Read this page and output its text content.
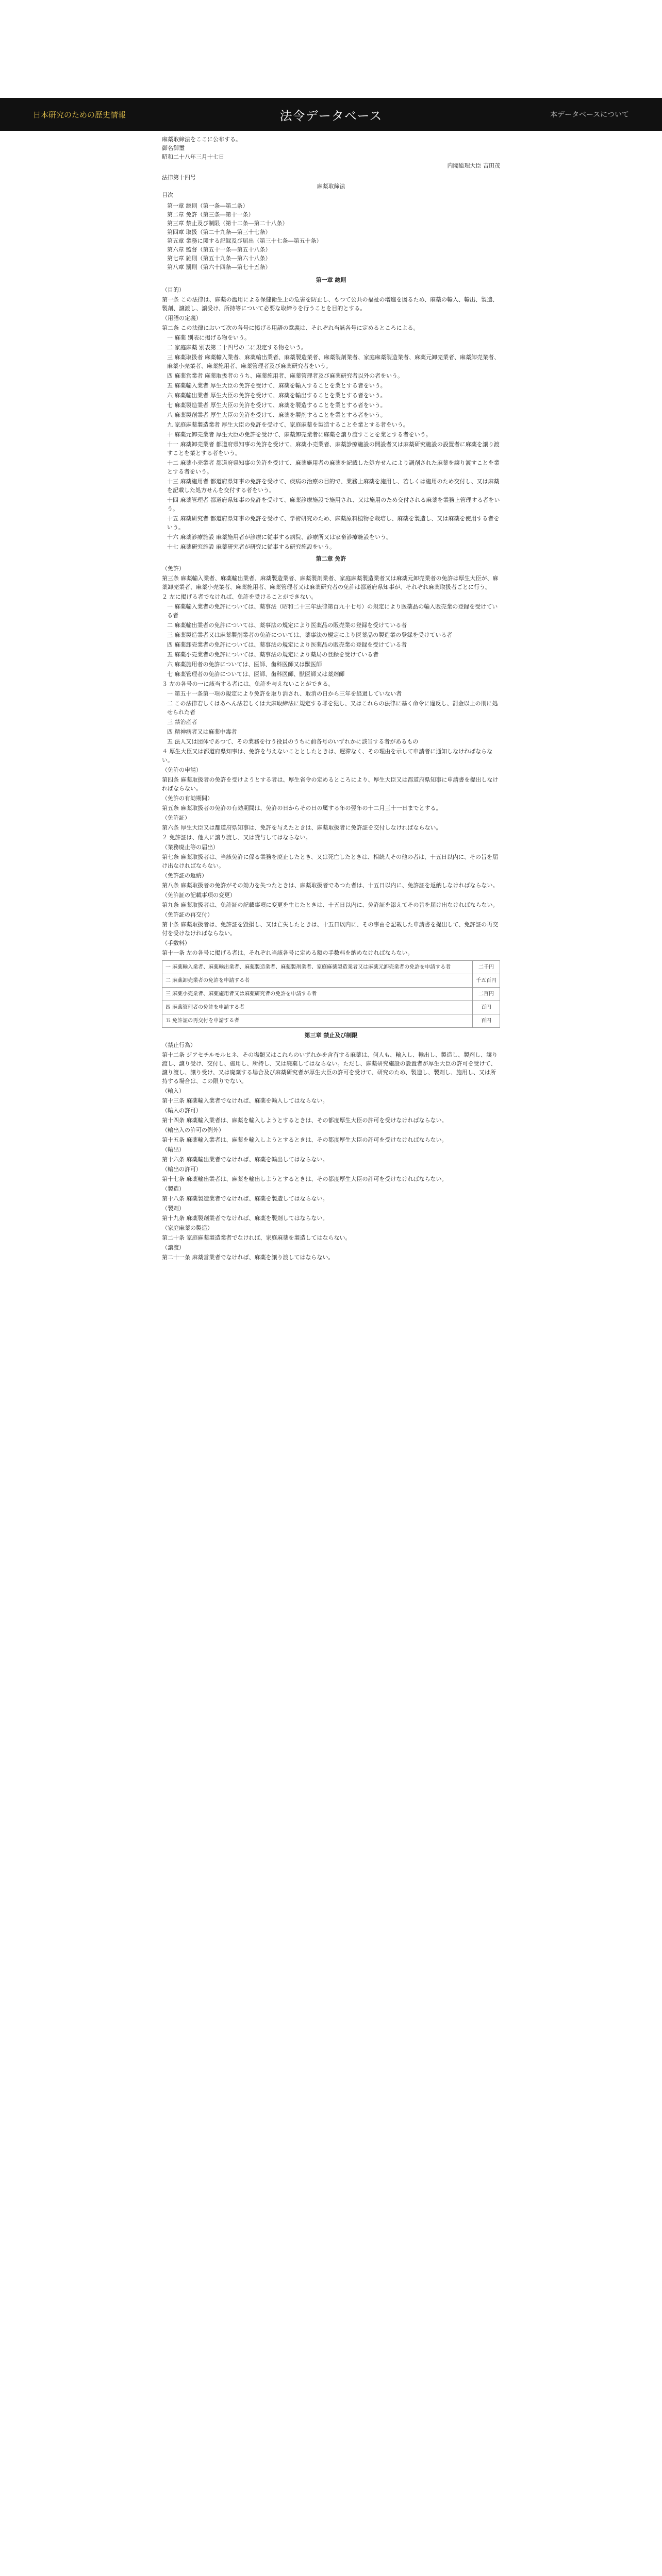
日本研究のための歴史情報	法令データベース	本データベースについて
麻薬取締法をここに公布する。
御名御璽
昭和二十八年三月十七日
内閣総理大臣 吉田茂
法律第十四号
麻薬取締法
目次
第一章 総則（第一条―第二条）
第二章 免許（第三条―第十一条）
第三章 禁止及び制限（第十二条―第二十八条）
第四章 取扱（第二十九条―第三十七条）
第五章 業務に関する記録及び届出（第三十七条―第五十条）
第六章 監督（第五十一条―第五十八条）
第七章 雑則（第五十九条―第六十八条）
第八章 罰則（第六十四条―第七十五条）
第一章 総則
（目的）
第一条 この法律は、麻薬の濫用による保健衛生上の危害を防止し、もつて公共の福祉の増進を図るため、麻薬の輸入、輸出、製造、製剤、譲渡し、譲受け、所持等について必要な取締りを行うことを目的とする。
（用語の定義）
第二条 この法律において次の各号に掲げる用語の意義は、それぞれ当該各号に定めるところによる。
一 麻薬 別表に掲げる物をいう。
二 家庭麻薬 別表第二十四号の二に規定する物をいう。
三 麻薬取扱者 麻薬輸入業者、麻薬輸出業者、麻薬製造業者、麻薬製剤業者、家庭麻薬製造業者、麻薬元卸売業者、麻薬卸売業者、麻薬小売業者、麻薬施用者、麻薬管理者及び麻薬研究者をいう。
四 麻薬営業者 麻薬取扱者のうち、麻薬施用者、麻薬管理者及び麻薬研究者以外の者をいう。
五 麻薬輸入業者 厚生大臣の免許を受けて、麻薬を輸入することを業とする者をいう。
六 麻薬輸出業者 厚生大臣の免許を受けて、麻薬を輸出することを業とする者をいう。
七 麻薬製造業者 厚生大臣の免許を受けて、麻薬を製造することを業とする者をいう。
八 麻薬製剤業者 厚生大臣の免許を受けて、麻薬を製剤することを業とする者をいう。
九 家庭麻薬製造業者 厚生大臣の免許を受けて、家庭麻薬を製造することを業とする者をいう。
十 麻薬元卸売業者 厚生大臣の免許を受けて、麻薬卸売業者に麻薬を譲り渡すことを業とする者をいう。
十一 麻薬卸売業者 都道府県知事の免許を受けて、麻薬小売業者、麻薬診療施設の開設者又は麻薬研究施設の設置者に麻薬を譲り渡すことを業とする者をいう。
十二 麻薬小売業者 都道府県知事の免許を受けて、麻薬施用者の麻薬を記載した処方せんにより調剤された麻薬を譲り渡すことを業とする者をいう。
十三 麻薬施用者 都道府県知事の免許を受けて、疾病の治療の目的で、業務上麻薬を施用し、若しくは施用のため交付し、又は麻薬を記載した処方せんを交付する者をいう。
十四 麻薬管理者 都道府県知事の免許を受けて、麻薬診療施設で施用され、又は施用のため交付される麻薬を業務上管理する者をいう。
十五 麻薬研究者 都道府県知事の免許を受けて、学術研究のため、麻薬原料植物を栽培し、麻薬を製造し、又は麻薬を使用する者をいう。
十六 麻薬診療施設 麻薬施用者が診療に従事する病院、診療所又は家畜診療施設をいう。
十七 麻薬研究施設 麻薬研究者が研究に従事する研究施設をいう。
第二章 免許
（免許）
第三条 麻薬輸入業者、麻薬輸出業者、麻薬製造業者、麻薬製剤業者、家庭麻薬製造業者又は麻薬元卸売業者の免許は厚生大臣が、麻薬卸売業者、麻薬小売業者、麻薬施用者、麻薬管理者又は麻薬研究者の免許は都道府県知事が、それぞれ麻薬取扱者ごとに行う。
２ 左に掲げる者でなければ、免許を受けることができない。
一 麻薬輸入業者の免許については、薬事法（昭和二十三年法律第百九十七号）の規定により医薬品の輸入販売業の登録を受けている者
二 麻薬輸出業者の免許については、薬事法の規定により医薬品の販売業の登録を受けている者
三 麻薬製造業者又は麻薬製剤業者の免許については、薬事法の規定により医薬品の製造業の登録を受けている者
四 麻薬卸売業者の免許については、薬事法の規定により医薬品の販売業の登録を受けている者
五 麻薬小売業者の免許については、薬事法の規定により薬局の登録を受けている者
六 麻薬施用者の免許については、医師、歯科医師又は獣医師
七 麻薬管理者の免許については、医師、歯科医師、獣医師又は薬剤師
３ 左の各号の一に該当する者には、免許を与えないことができる。
一 第五十一条第一項の規定により免許を取り消され、取消の日から三年を経過していない者
二 この法律若しくはあへん法若しくは大麻取締法に規定する罪を犯し、又はこれらの法律に基く命令に違反し、罰金以上の刑に処せられた者
三 禁治産者
四 精神病者又は麻薬中毒者
五 法人又は団体であつて、その業務を行う役員のうちに前各号のいずれかに該当する者があるもの
４ 厚生大臣又は都道府県知事は、免許を与えないこととしたときは、遅滞なく、その理由を示して申請者に通知しなければならない。
（免許の申請）
第四条 麻薬取扱者の免許を受けようとする者は、厚生省令の定めるところにより、厚生大臣又は都道府県知事に申請書を提出しなければならない。
（免許の有効期間）
第五条 麻薬取扱者の免許の有効期間は、免許の日からその日の属する年の翌年の十二月三十一日までとする。
（免許証）
第六条 厚生大臣又は都道府県知事は、免許を与えたときは、麻薬取扱者に免許証を交付しなければならない。
２ 免許証は、他人に譲り渡し、又は貸与してはならない。
（業務廃止等の届出）
第七条 麻薬取扱者は、当該免許に係る業務を廃止したとき、又は死亡したときは、相続人その他の者は、十五日以内に、その旨を届け出なければならない。
（免許証の返納）
第八条 麻薬取扱者の免許がその効力を失つたときは、麻薬取扱者であつた者は、十五日以内に、免許証を返納しなければならない。
（免許証の記載事項の変更）
第九条 麻薬取扱者は、免許証の記載事項に変更を生じたときは、十五日以内に、免許証を添えてその旨を届け出なければならない。
（免許証の再交付）
第十条 麻薬取扱者は、免許証を毀損し、又は亡失したときは、十五日以内に、その事由を記載した申請書を提出して、免許証の再交付を受けなければならない。
（手数料）
第十一条 左の各号に掲げる者は、それぞれ当該各号に定める額の手数料を納めなければならない。
一 麻薬輸入業者、麻薬輸出業者、麻薬製造業者、麻薬製剤業者、家庭麻薬製造業者又は麻薬元卸売業者の免許を申請する者	二千円
二 麻薬卸売業者の免許を申請する者	千五百円
三 麻薬小売業者、麻薬施用者又は麻薬研究者の免許を申請する者	二百円
四 麻薬管理者の免許を申請する者	百円
五 免許証の再交付を申請する者	百円
第三章 禁止及び制限
（禁止行為）
第十二条 ジアセチルモルヒネ、その塩類又はこれらのいずれかを含有する麻薬は、何人も、輸入し、輸出し、製造し、製剤し、譲り渡し、譲り受け、交付し、施用し、所持し、又は廃棄してはならない。ただし、麻薬研究施設の設置者が厚生大臣の許可を受けて、譲り渡し、譲り受け、又は廃棄する場合及び麻薬研究者が厚生大臣の許可を受けて、研究のため、製造し、製剤し、施用し、又は所持する場合は、この限りでない。
（輸入）
第十三条 麻薬輸入業者でなければ、麻薬を輸入してはならない。
（輸入の許可）
第十四条 麻薬輸入業者は、麻薬を輸入しようとするときは、その都度厚生大臣の許可を受けなければならない。
（輸出入の許可の例外）
第十五条 麻薬輸入業者は、麻薬を輸入しようとするときは、その都度厚生大臣の許可を受けなければならない。
（輸出）
第十六条 麻薬輸出業者でなければ、麻薬を輸出してはならない。
（輸出の許可）
第十七条 麻薬輸出業者は、麻薬を輸出しようとするときは、その都度厚生大臣の許可を受けなければならない。
（製造）
第十八条 麻薬製造業者でなければ、麻薬を製造してはならない。
（製剤）
第十九条 麻薬製剤業者でなければ、麻薬を製剤してはならない。
（家庭麻薬の製造）
第二十条 家庭麻薬製造業者でなければ、家庭麻薬を製造してはならない。
（譲渡）
第二十一条 麻薬営業者でなければ、麻薬を譲り渡してはならない。
